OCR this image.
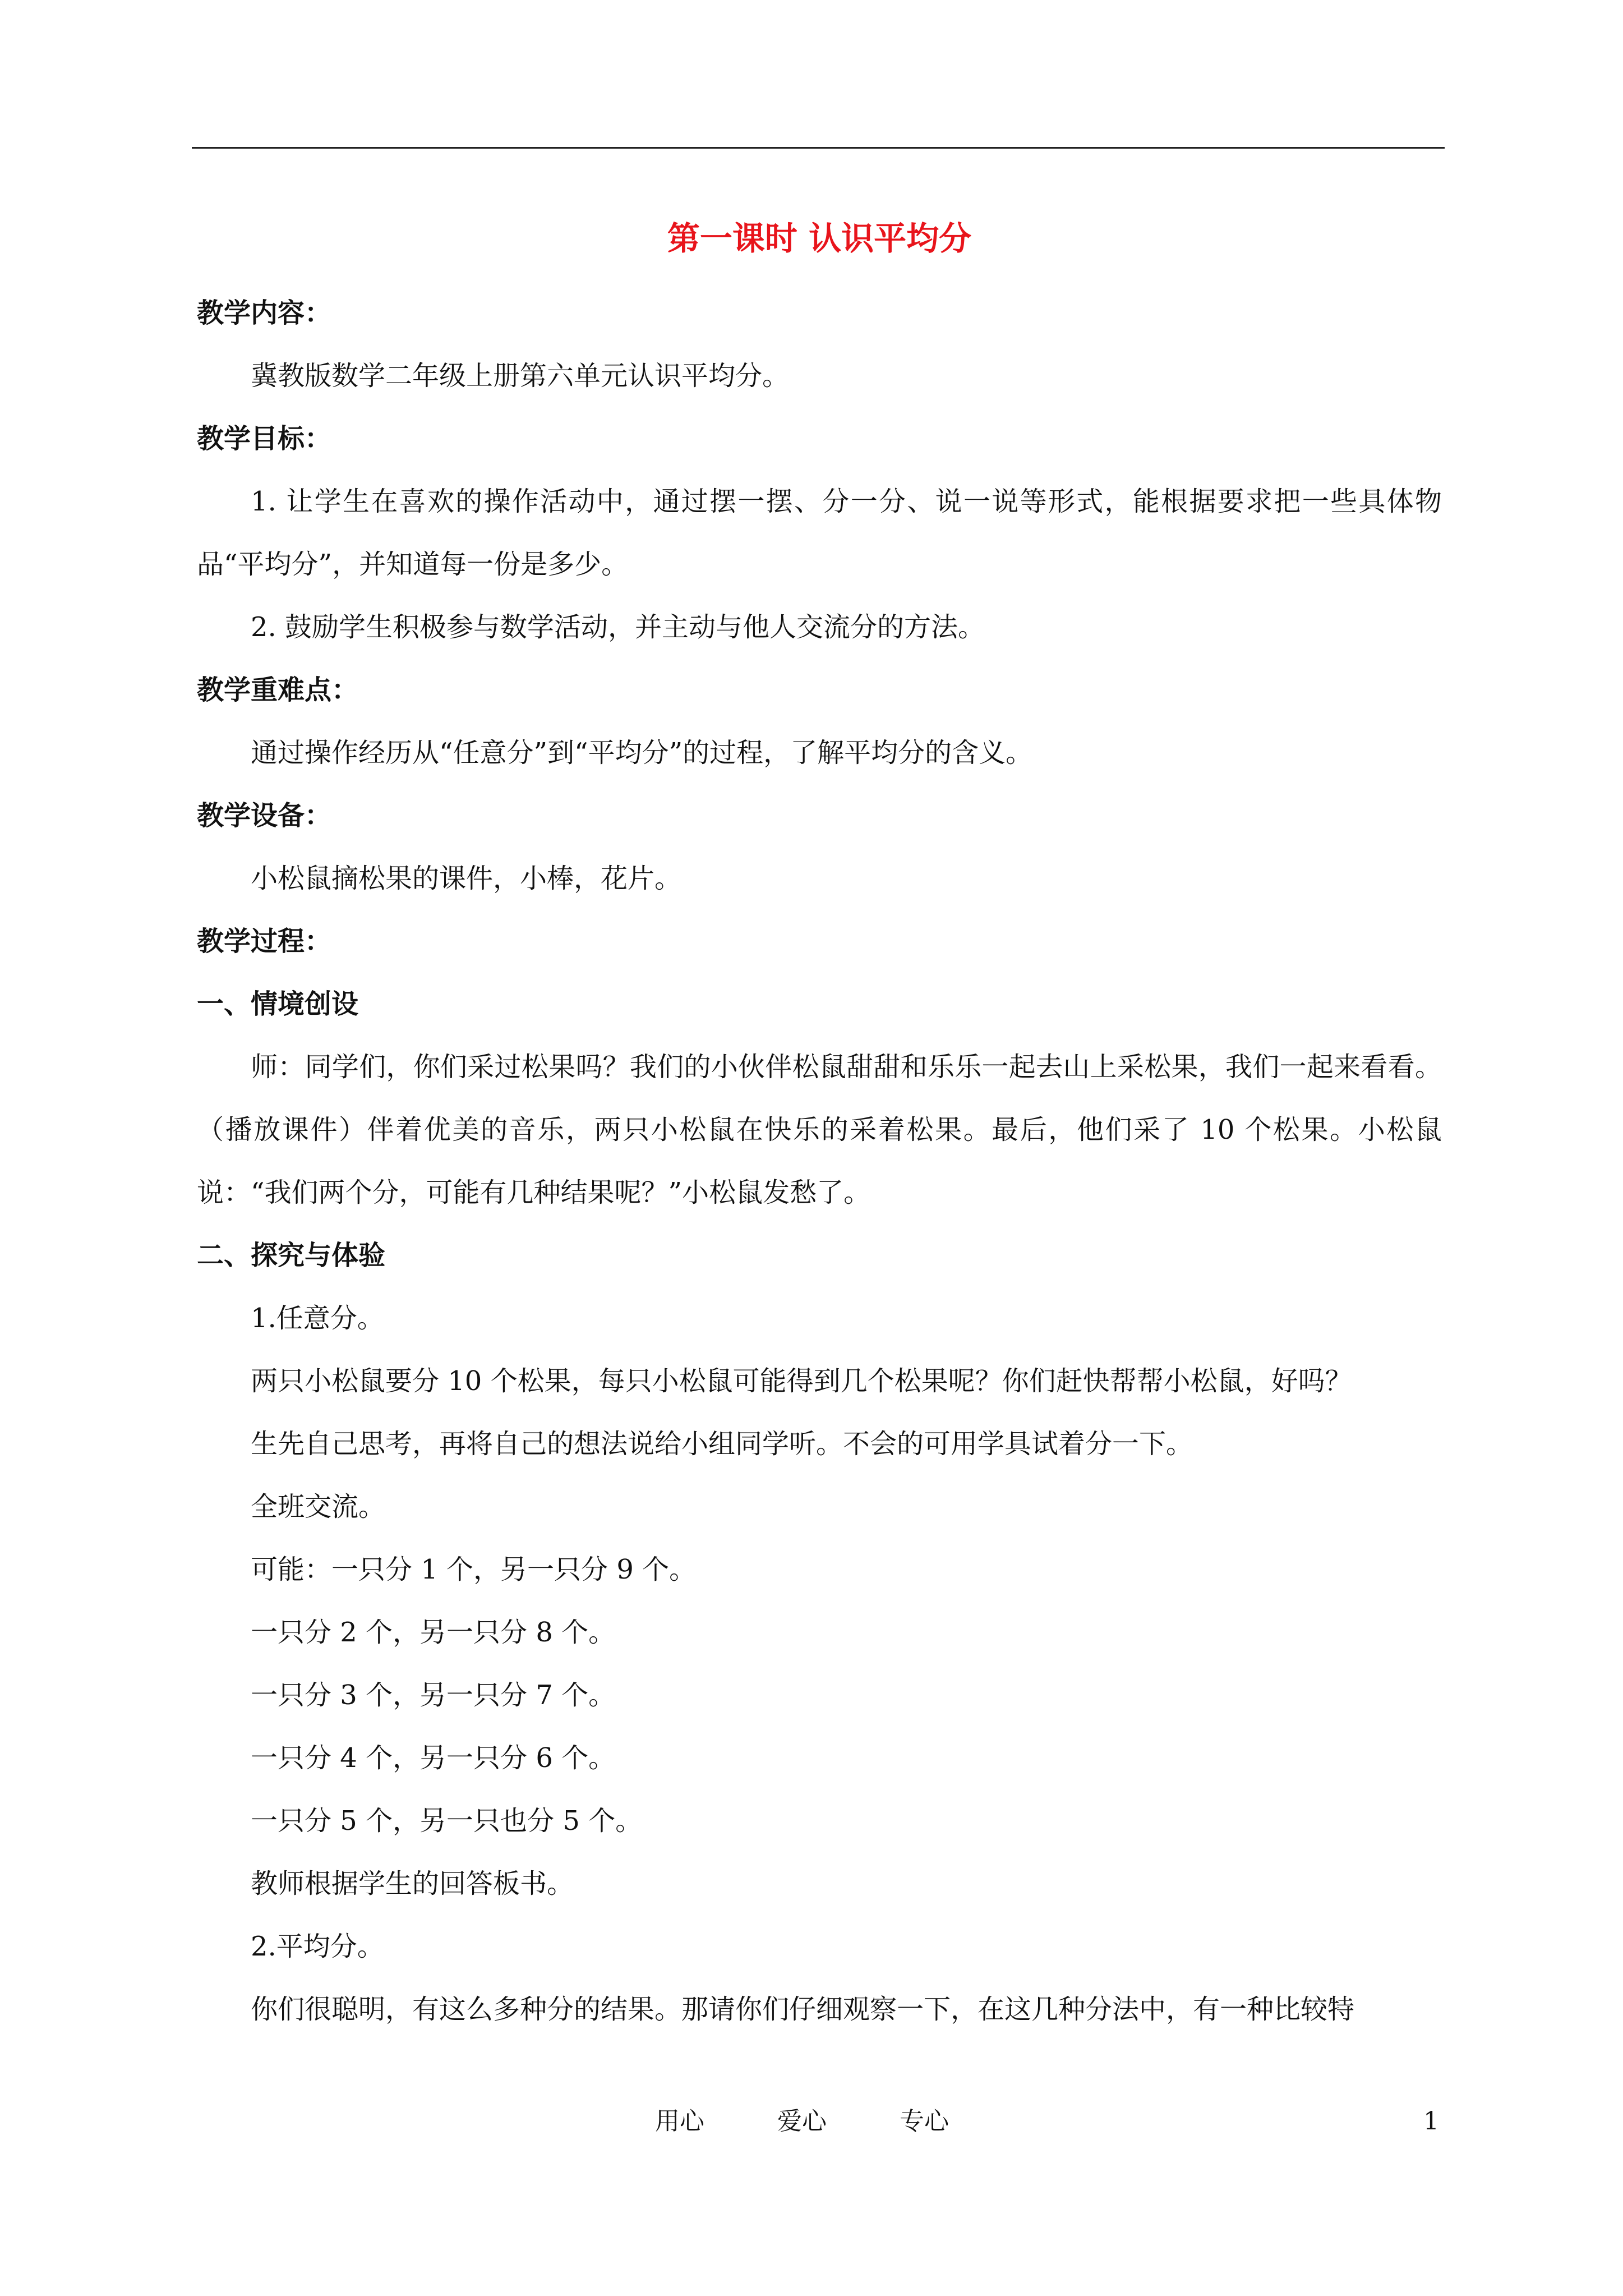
第一课时 认识平均分
教学内容：
冀教版数学二年级上册第六单元认识平均分。
教学目标：
1. 让学生在喜欢的操作活动中，通过摆一摆、分一分、说一说等形式，能根据要求把一些具体物品“平均分”，并知道每一份是多少。
2. 鼓励学生积极参与数学活动，并主动与他人交流分的方法。
教学重难点：
通过操作经历从“任意分”到“平均分”的过程，了解平均分的含义。
教学设备：
小松鼠摘松果的课件，小棒，花片。
教学过程：
一、情境创设
师：同学们，你们采过松果吗？我们的小伙伴松鼠甜甜和乐乐一起去山上采松果，我们一起来看看。（播放课件）伴着优美的音乐，两只小松鼠在快乐的采着松果。最后，他们采了 10 个松果。小松鼠说：“我们两个分，可能有几种结果呢？”小松鼠发愁了。
二、探究与体验
1.任意分。
两只小松鼠要分 10 个松果，每只小松鼠可能得到几个松果呢？你们赶快帮帮小松鼠，好吗？
生先自己思考，再将自己的想法说给小组同学听。不会的可用学具试着分一下。
全班交流。
可能：一只分 1 个，另一只分 9 个。
一只分 2 个，另一只分 8 个。
一只分 3 个，另一只分 7 个。
一只分 4 个，另一只分 6 个。
一只分 5 个，另一只也分 5 个。
教师根据学生的回答板书。
2.平均分。
你们很聪明，有这么多种分的结果。那请你们仔细观察一下，在这几种分法中，有一种比较特
用心	爱心	专心	1
